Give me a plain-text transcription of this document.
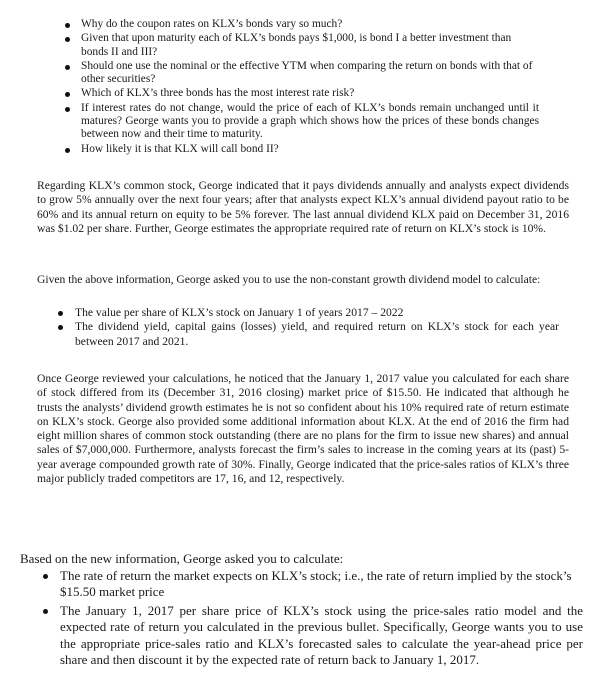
Why do the coupon rates on KLX’s bonds vary so much?
Given that upon maturity each of KLX’s bonds pays $1,000, is bond I a better investment than bonds II and III?
Should one use the nominal or the effective YTM when comparing the return on bonds with that of other securities?
Which of KLX’s three bonds has the most interest rate risk?
If interest rates do not change, would the price of each of KLX’s bonds remain unchanged until it matures? George wants you to provide a graph which shows how the prices of these bonds changes between now and their time to maturity.
How likely it is that KLX will call bond II?

Regarding KLX’s common stock, George indicated that it pays dividends annually and analysts expect dividends to grow 5% annually over the next four years; after that analysts expect KLX’s annual dividend payout ratio to be 60% and its annual return on equity to be 5% forever. The last annual dividend KLX paid on December 31, 2016 was $1.02 per share. Further, George estimates the appropriate required rate of return on KLX’s stock is 10%.

Given the above information, George asked you to use the non-constant growth dividend model to calculate:

The value per share of KLX’s stock on January 1 of years 2017 – 2022
The dividend yield, capital gains (losses) yield, and required return on KLX’s stock for each year between 2017 and 2021.

Once George reviewed your calculations, he noticed that the January 1, 2017 value you calculated for each share of stock differed from its (December 31, 2016 closing) market price of $15.50. He indicated that although he trusts the analysts’ dividend growth estimates he is not so confident about his 10% required rate of return estimate on KLX’s stock. George also provided some additional information about KLX. At the end of 2016 the firm had eight million shares of common stock outstanding (there are no plans for the firm to issue new shares) and annual sales of $7,000,000. Furthermore, analysts forecast the firm’s sales to increase in the coming years at its (past) 5-year average compounded growth rate of 30%. Finally, George indicated that the price-sales ratios of KLX’s three major publicly traded competitors are 17, 16, and 12, respectively.

Based on the new information, George asked you to calculate:

The rate of return the market expects on KLX’s stock; i.e., the rate of return implied by the stock’s $15.50 market price
The January 1, 2017 per share price of KLX’s stock using the price-sales ratio model and the expected rate of return you calculated in the previous bullet. Specifically, George wants you to use the appropriate price-sales ratio and KLX’s forecasted sales to calculate the year-ahead price per share and then discount it by the expected rate of return back to January 1, 2017.
